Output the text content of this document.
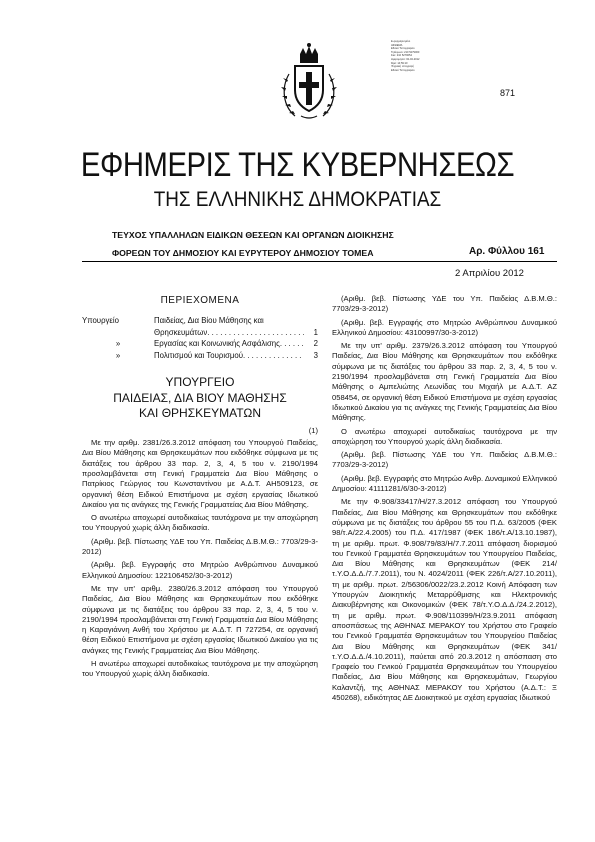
Ε-φορμαρισμένο
ΑΦΘΕΜΑ
Εθνικό Τυπογραφείο
Τηλέφωνο: 210 5279000
Fax: 210 5279054
Ημερομηνία: 02-04-2012
Ώρα: 14:59:10
Ψηφιακή υπογραφή
Εθνικό Τυπογραφείο
871
ΕΦΗΜΕΡΙΣ ΤΗΣ ΚΥΒΕΡΝΗΣΕΩΣ
ΤΗΣ ΕΛΛΗΝΙΚΗΣ ΔΗΜΟΚΡΑΤΙΑΣ
ΤΕΥΧΟΣ ΥΠΑΛΛΗΛΩΝ ΕΙΔΙΚΩΝ ΘΕΣΕΩΝ ΚΑΙ ΟΡΓΑΝΩΝ ΔΙΟΙΚΗΣΗΣ
ΦΟΡΕΩΝ ΤΟΥ ΔΗΜΟΣΙΟΥ ΚΑΙ ΕΥΡΥΤΕΡΟΥ ΔΗΜΟΣΙΟΥ ΤΟΜΕΑ	Αρ. Φύλλου 161
2 Απριλίου 2012
ΠΕΡΙΕΧΟΜΕΝΑ
Υπουργείο	Παιδείας, Δια Βίου Μάθησης και
Θρησκευμάτων . . .	1
»	Εργασίας και Κοινωνικής Ασφάλισης . . .	2
»	Πολιτισμού και Τουρισμού . . .	3
ΥΠΟΥΡΓΕΙΟ
ΠΑΙΔΕΙΑΣ, ΔΙΑ ΒΙΟΥ ΜΑΘΗΣΗΣ
ΚΑΙ ΘΡΗΣΚΕΥΜΑΤΩΝ
(1)

Με την αριθμ. 2381/26.3.2012 απόφαση του Υπουργού Παιδείας, Δια Βίου Μάθησης και Θρησκευμάτων που εκδόθηκε σύμφωνα με τις διατάξεις του άρθρου 33 παρ. 2, 3, 4, 5 του ν. 2190/1994 προσλαμβάνεται στη Γενική Γραμματεία Δια Βίου Μάθησης ο Πατρίκιος Γεώργιος του Κωνσταντίνου με Α.Δ.Τ. ΑΗ509123, σε οργανική θέση Ειδικού Επιστήμονα με σχέση εργασίας Ιδιωτικού Δικαίου για τις ανάγκες της Γενικής Γραμματείας Δια Βίου Μάθησης.

Ο ανωτέρω αποχωρεί αυτοδικαίως ταυτόχρονα με την αποχώρηση του Υπουργού χωρίς άλλη διαδικασία.

(Αριθμ. βεβ. Πίστωσης ΥΔΕ του Υπ. Παιδείας Δ.Β.Μ.Θ.: 7703/29-3-2012)

(Αριθμ. βεβ. Εγγραφής στο Μητρώο Ανθρώπινου Δυναμικού Ελληνικού Δημοσίου: 122106452/30-3-2012)

Με την υπ' αριθμ. 2380/26.3.2012 απόφαση του Υπουργού Παιδείας, Δια Βίου Μάθησης και Θρησκευμάτων που εκδόθηκε σύμφωνα με τις διατάξεις του άρθρου 33 παρ. 2, 3, 4, 5 του ν. 2190/1994 προσλαμβάνεται στη Γενική Γραμματεία Δια Βίου Μάθησης η Καραγιάννη Ανθή του Χρήστου με Α.Δ.Τ. Π 727254, σε οργανική θέση Ειδικού Επιστήμονα με σχέση εργασίας Ιδιωτικού Δικαίου για τις ανάγκες της Γενικής Γραμματείας Δια Βίου Μάθησης.

Η ανωτέρω αποχωρεί αυτοδικαίως ταυτόχρονα με την αποχώρηση του Υπουργού χωρίς άλλη διαδικασία.

(Αριθμ. βεβ. Πίστωσης ΥΔΕ του Υπ. Παιδείας Δ.Β.Μ.Θ.: 7703/29-3-2012)

(Αριθμ. βεβ. Εγγραφής στο Μητρώο Ανθρώπινου Δυναμικού Ελληνικού Δημοσίου: 43100997/30-3-2012)

Με την υπ' αριθμ. 2379/26.3.2012 απόφαση του Υπουργού Παιδείας, Δια Βίου Μάθησης και Θρησκευμάτων που εκδόθηκε σύμφωνα με τις διατάξεις του άρθρου 33 παρ. 2, 3, 4, 5 του ν. 2190/1994 προσλαμβάνεται στη Γενική Γραμματεία Δια Βίου Μάθησης ο Αμπελιώτης Λεωνίδας του Μιχαήλ με Α.Δ.Τ. ΑΖ 058454, σε οργανική θέση Ειδικού Επιστήμονα με σχέση εργασίας Ιδιωτικού Δικαίου για τις ανάγκες της Γενικής Γραμματείας Δια Βίου Μάθησης.

Ο ανωτέρω αποχωρεί αυτοδικαίως ταυτόχρονα με την αποχώρηση του Υπουργού χωρίς άλλη διαδικασία.

(Αριθμ. βεβ. Πίστωσης ΥΔΕ του Υπ. Παιδείας Δ.Β.Μ.Θ.: 7703/29-3-2012)

(Αριθμ. βεβ. Εγγραφής στο Μητρώο Ανθρ. Δυναμικού Ελληνικού Δημοσίου: 41111281/6/30-3-2012)

Με την Φ.908/33417/Η/27.3.2012 απόφαση του Υπουργού Παιδείας, Δια Βίου Μάθησης και Θρησκευμάτων που εκδόθηκε σύμφωνα με τις διατάξεις του άρθρου 55 του Π.Δ. 63/2005 (ΦΕΚ 98/τ.Α/22.4.2005) του Π.Δ. 417/1987 (ΦΕΚ 186/τ.Α/13.10.1987), τη με αριθμ. πρωτ. Φ.908/79/83/Η/7.7.2011 απόφαση διορισμού του Γενικού Γραμματέα Θρησκευμάτων του Υπουργείου Παιδείας, Δια Βίου Μάθησης και Θρησκευμάτων (ΦΕΚ 214/τ.Υ.Ο.Δ.Δ./7.7.2011), του Ν. 4024/2011 (ΦΕΚ 226/τ.Α/27.10.2011), τη με αριθμ. πρωτ. 2/56306/0022/23.2.2012 Κοινή Απόφαση των Υπουργών Διοικητικής Μεταρρύθμισης και Ηλεκτρονικής Διακυβέρνησης και Οικονομικών (ΦΕΚ 78/τ.Υ.Ο.Δ.Δ./24.2.2012), τη με αριθμ. πρωτ. Φ.908/110399/Η/23.9.2011 απόφαση αποσπάσεως της ΑΘΗΝΑΣ ΜΕΡΑΚΟΥ του Χρήστου στο Γραφείο του Γενικού Γραμματέα Θρησκευμάτων του Υπουργείου Παιδείας Δια Βίου Μάθησης και Θρησκευμάτων (ΦΕΚ 341/τ.Υ.Ο.Δ.Δ./4.10.2011), παύεται από 20.3.2012 η απόσπαση στο Γραφείο του Γενικού Γραμματέα Θρησκευμάτων του Υπουργείου Παιδείας, Δια Βίου Μάθησης και Θρησκευμάτων, Γεωργίου Καλαντζή, της ΑΘΗΝΑΣ ΜΕΡΑΚΟΥ του Χρήστου (Α.Δ.Τ.: Ξ 450268), ειδικότητας ΔΕ Διοικητικού με σχέση εργασίας Ιδιωτικού
